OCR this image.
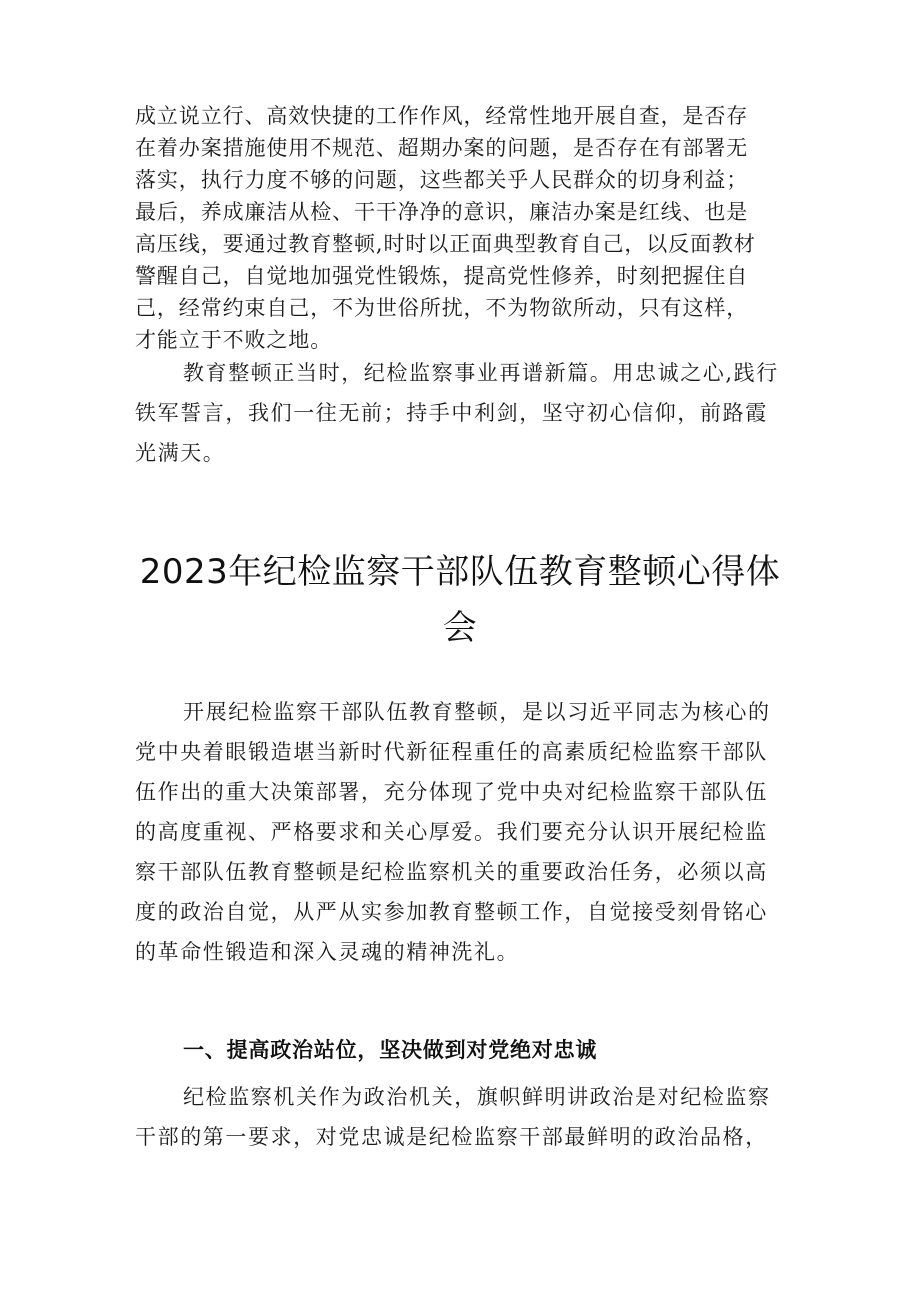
成立说立行、高效快捷的工作作风，经常性地开展自查，是否存
在着办案措施使用不规范、超期办案的问题，是否存在有部署无
落实，执行力度不够的问题，这些都关乎人民群众的切身利益；
最后，养成廉洁从检、干干净净的意识，廉洁办案是红线、也是
高压线，要通过教育整顿,时时以正面典型教育自己，以反面教材
警醒自己，自觉地加强党性锻炼，提高党性修养，时刻把握住自
己，经常约束自己，不为世俗所扰，不为物欲所动，只有这样，
才能立于不败之地。
教育整顿正当时，纪检监察事业再谱新篇。用忠诚之心,践行
铁军誓言，我们一往无前；持手中利剑，坚守初心信仰，前路霞
光满天。
2023年纪检监察干部队伍教育整顿心得体
会
开展纪检监察干部队伍教育整顿，是以习近平同志为核心的
党中央着眼锻造堪当新时代新征程重任的高素质纪检监察干部队
伍作出的重大决策部署，充分体现了党中央对纪检监察干部队伍
的高度重视、严格要求和关心厚爱。我们要充分认识开展纪检监
察干部队伍教育整顿是纪检监察机关的重要政治任务，必须以高
度的政治自觉，从严从实参加教育整顿工作，自觉接受刻骨铭心
的革命性锻造和深入灵魂的精神洗礼。
一、提高政治站位，坚决做到对党绝对忠诚
纪检监察机关作为政治机关，旗帜鲜明讲政治是对纪检监察
干部的第一要求，对党忠诚是纪检监察干部最鲜明的政治品格，
